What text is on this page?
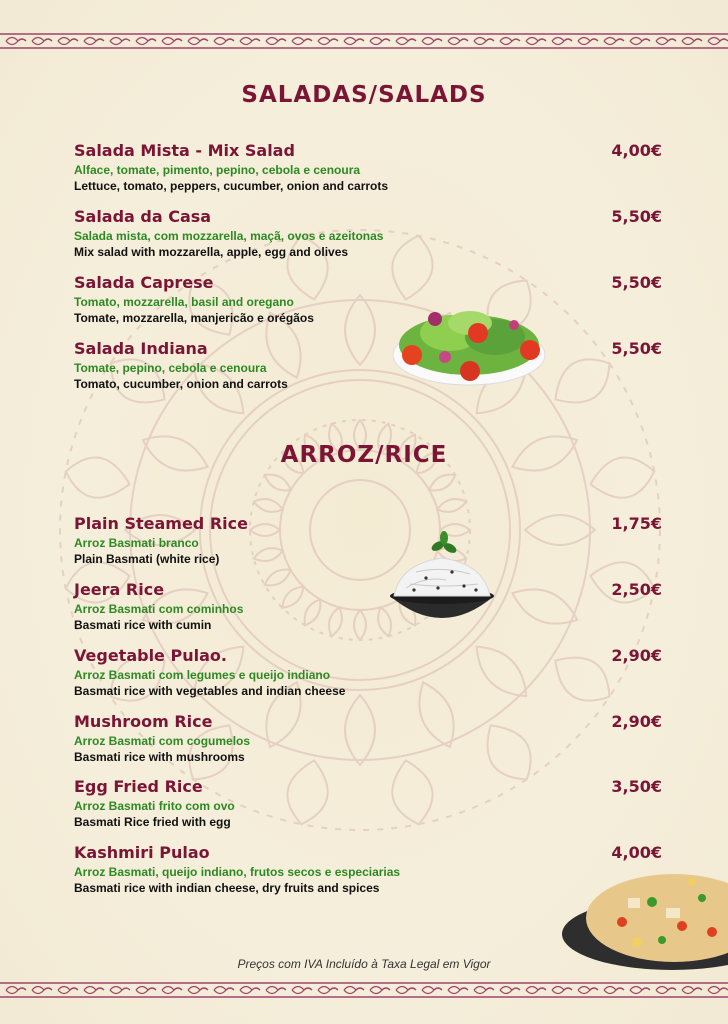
SALADAS/SALADS
Salada Mista - Mix Salad
Alface, tomate, pimento, pepino, cebola e cenoura
Lettuce, tomato, peppers, cucumber, onion and carrots
4,00€
Salada da Casa
Salada mista, com mozzarella, maçã, ovos e azeitonas
Mix salad with mozzarella, apple, egg and olives
5,50€
Salada Caprese
Tomato, mozzarella, basil and oregano
Tomate, mozzarella, manjericão e orégãos
5,50€
Salada Indiana
Tomate, pepino, cebola e cenoura
Tomato, cucumber, onion and carrots
5,50€
ARROZ/RICE
Plain Steamed Rice
Arroz Basmati branco
Plain Basmati (white rice)
1,75€
Jeera Rice
Arroz Basmati com cominhos
Basmati rice with cumin
2,50€
Vegetable Pulao.
Arroz Basmati com legumes e queijo indiano
Basmati rice with vegetables and indian cheese
2,90€
Mushroom Rice
Arroz Basmati com cogumelos
Basmati rice with mushrooms
2,90€
Egg Fried Rice
Arroz Basmati frito com ovo
Basmati Rice fried with egg
3,50€
Kashmiri Pulao
Arroz Basmati, queijo indiano, frutos secos e especiarias
Basmati rice with indian cheese, dry fruits and spices
4,00€
Preços com IVA Incluído à Taxa Legal em Vigor
